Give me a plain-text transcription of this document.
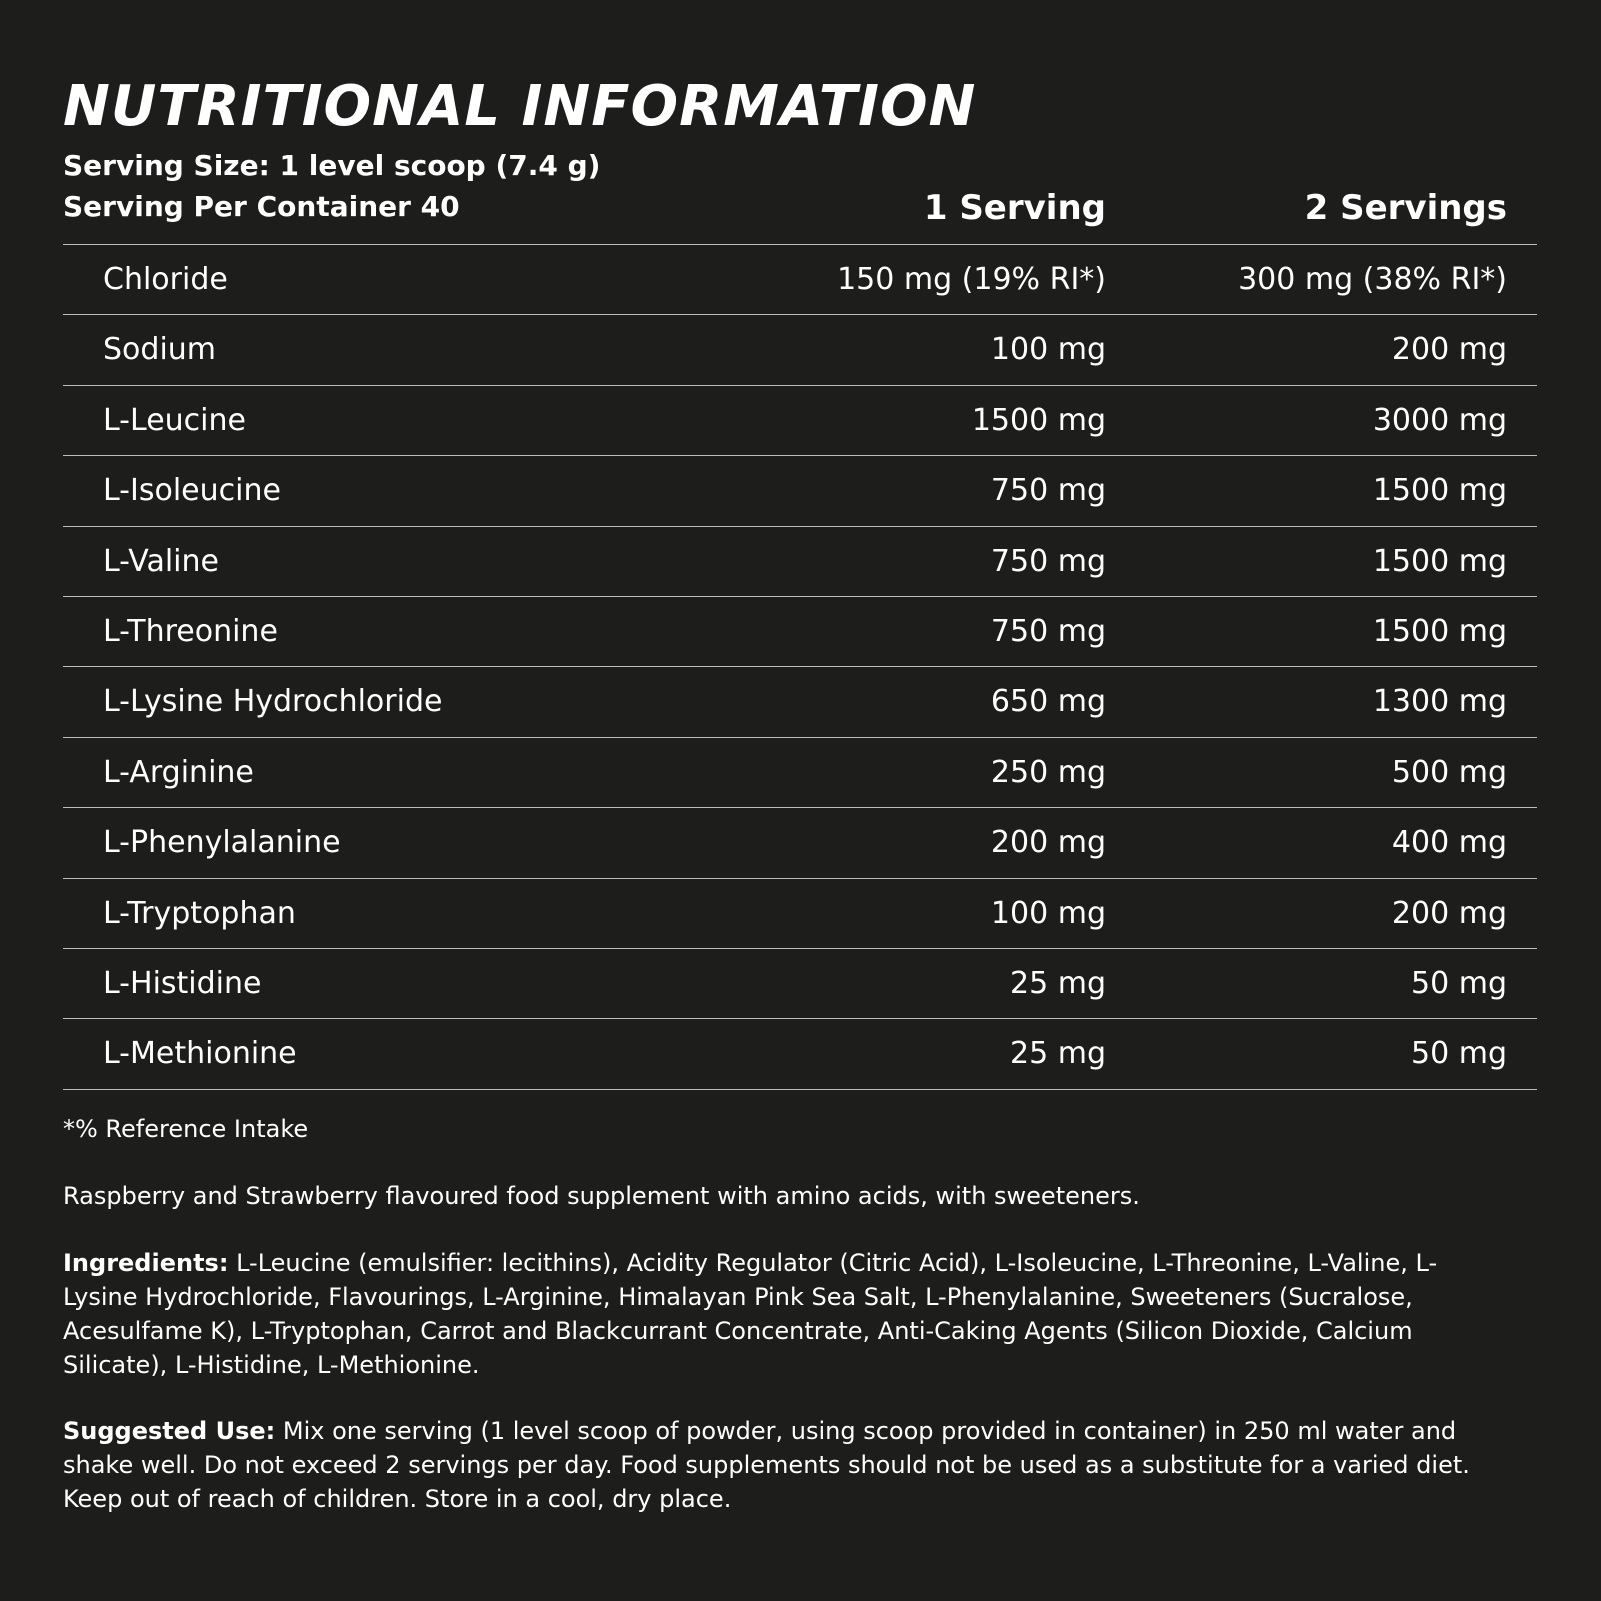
NUTRITIONAL INFORMATION
Serving Size: 1 level scoop (7.4 g)
Serving Per Container 40	1 Serving	2 Servings
Chloride	150 mg (19% RI*)	300 mg (38% RI*)
Sodium	100 mg	200 mg
L-Leucine	1500 mg	3000 mg
L-Isoleucine	750 mg	1500 mg
L-Valine	750 mg	1500 mg
L-Threonine	750 mg	1500 mg
L-Lysine Hydrochloride	650 mg	1300 mg
L-Arginine	250 mg	500 mg
L-Phenylalanine	200 mg	400 mg
L-Tryptophan	100 mg	200 mg
L-Histidine	25 mg	50 mg
L-Methionine	25 mg	50 mg
*% Reference Intake
Raspberry and Strawberry flavoured food supplement with amino acids, with sweeteners.
Ingredients: L-Leucine (emulsifier: lecithins), Acidity Regulator (Citric Acid), L-Isoleucine, L-Threonine, L-Valine, L-Lysine Hydrochloride, Flavourings, L-Arginine, Himalayan Pink Sea Salt, L-Phenylalanine, Sweeteners (Sucralose, Acesulfame K), L-Tryptophan, Carrot and Blackcurrant Concentrate, Anti-Caking Agents (Silicon Dioxide, Calcium Silicate), L-Histidine, L-Methionine.
Suggested Use: Mix one serving (1 level scoop of powder, using scoop provided in container) in 250 ml water and shake well. Do not exceed 2 servings per day. Food supplements should not be used as a substitute for a varied diet. Keep out of reach of children. Store in a cool, dry place.
